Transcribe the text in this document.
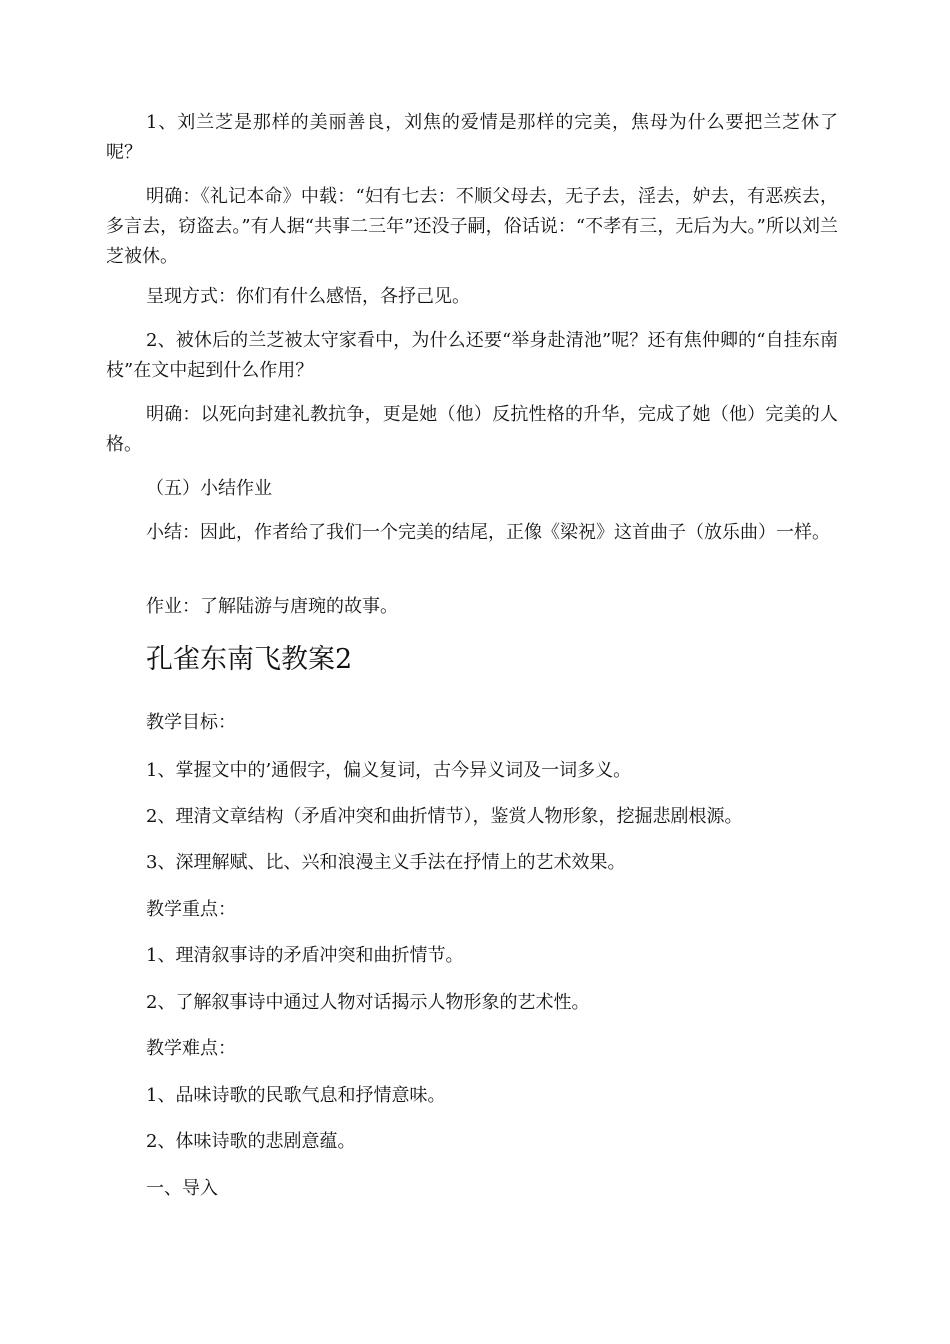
1、刘兰芝是那样的美丽善良，刘焦的爱情是那样的完美，焦母为什么要把兰芝休了呢？

明确：《礼记本命》中载：“妇有七去：不顺父母去，无子去，淫去，妒去，有恶疾去，多言去，窃盗去。”有人据“共事二三年”还没子嗣，俗话说：“不孝有三，无后为大。”所以刘兰芝被休。

呈现方式：你们有什么感悟，各抒己见。

2、被休后的兰芝被太守家看中，为什么还要“举身赴清池”呢？还有焦仲卿的“自挂东南枝”在文中起到什么作用？

明确：以死向封建礼教抗争，更是她（他）反抗性格的升华，完成了她（他）完美的人格。

（五）小结作业

小结：因此，作者给了我们一个完美的结尾，正像《梁祝》这首曲子（放乐曲）一样。

作业：了解陆游与唐琬的故事。

孔雀东南飞教案2

教学目标：

1、掌握文中的’通假字，偏义复词，古今异义词及一词多义。

2、理清文章结构（矛盾冲突和曲折情节），鉴赏人物形象，挖掘悲剧根源。

3、深理解赋、比、兴和浪漫主义手法在抒情上的艺术效果。

教学重点：

1、理清叙事诗的矛盾冲突和曲折情节。

2、了解叙事诗中通过人物对话揭示人物形象的艺术性。

教学难点：

1、品味诗歌的民歌气息和抒情意味。

2、体味诗歌的悲剧意蕴。

一、导入
